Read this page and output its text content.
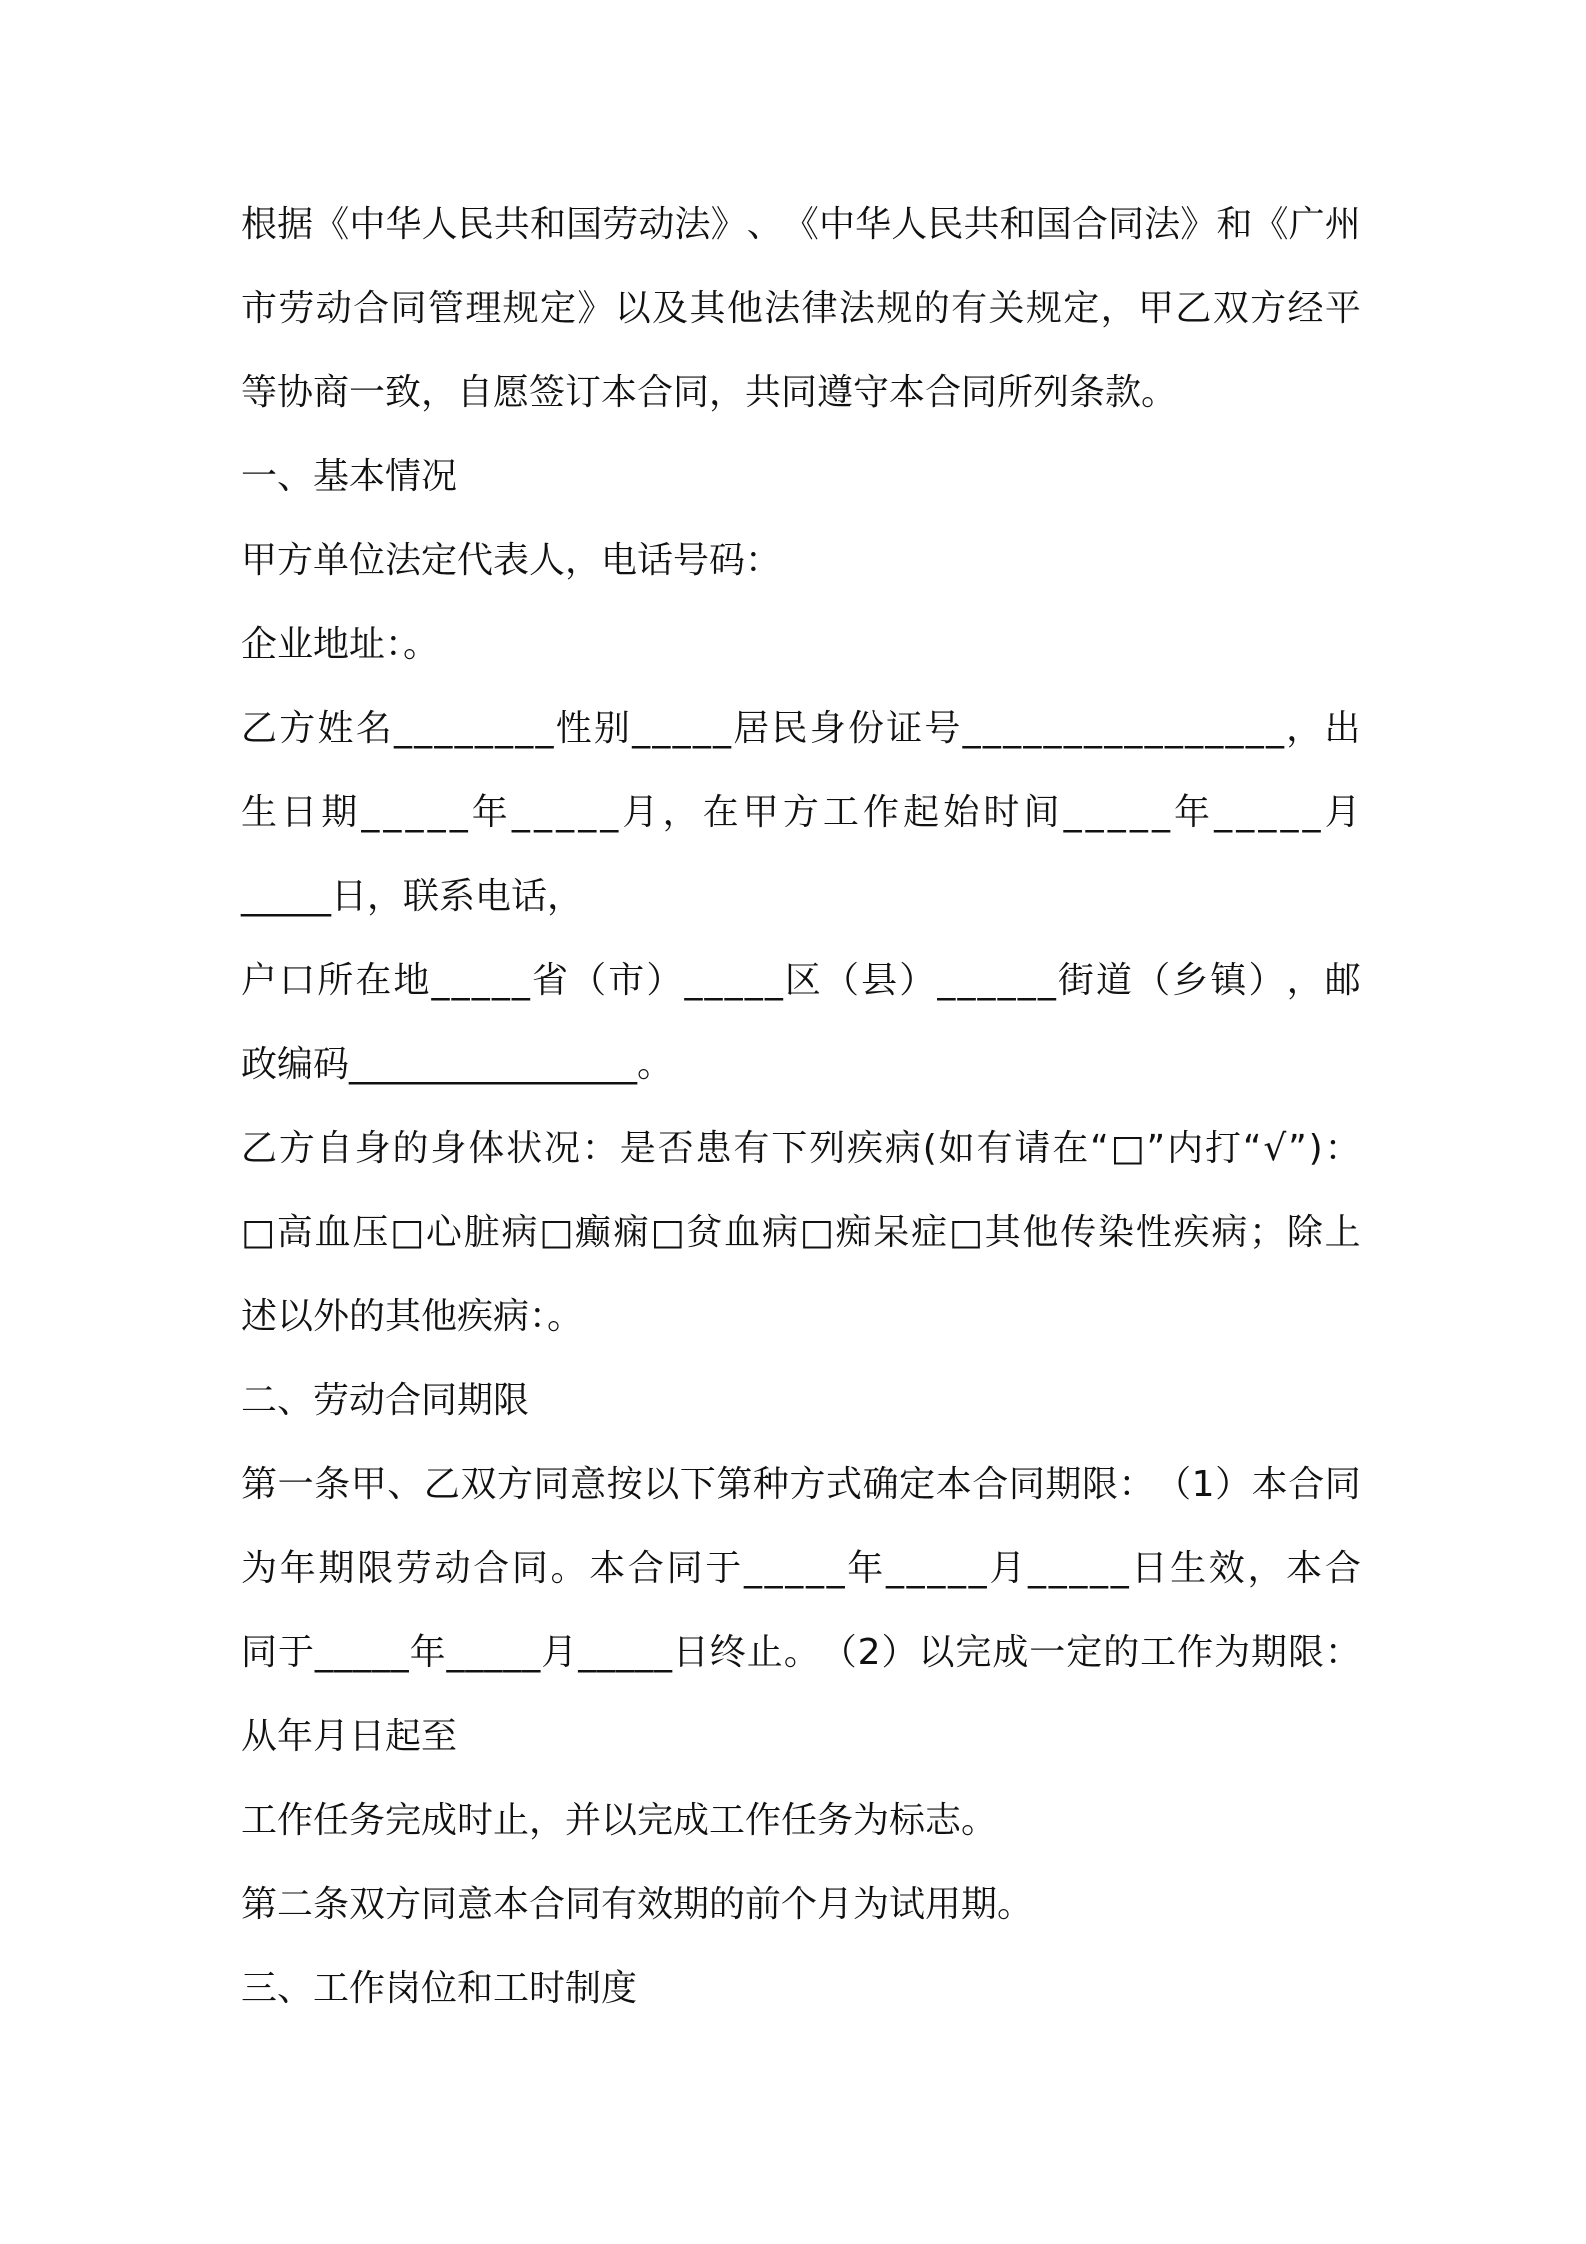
根 据 《 中 华 人 民 共 和 国 劳 动 法 》 、 《 中 华 人 民 共 和 国 合 同 法 》 和 《 广 州
市 劳 动 合 同 管 理 规 定 》 以 及 其 他 法 律 法 规 的 有 关 规 定 ， 甲 乙 双 方 经 平
等协商一致，自愿签订本合同，共同遵守本合同所列条款。
一、基本情况
甲方单位法定代表人，电话号码：
企业地址：。
乙 方 姓 名 _ _ _ _ _ _ _ _ 性 别 _ _ _ _ _ 居 民 身 份 证 号 _ _ _ _ _ _ _ _ _ _ _ _ _ _ _ _ ， 出
生 日 期 _ _ _ _ _ 年 _ _ _ _ _ 月 ， 在 甲 方 工 作 起 始 时 间 _ _ _ _ _ 年 _ _ _ _ _ 月
_____日，联系电话，
户 口 所 在 地 _ _ _ _ _ 省 （ 市 ） _ _ _ _ _ 区 （ 县 ） _ _ _ _ _ _ 街 道 （ 乡 镇 ） ， 邮
政编码________________。
乙 方 自 身 的 身 体 状 况 ： 是 否 患 有 下 列 疾 病 ( 如 有 请 在 “ □ ” 内 打 “ √ ” ) ：
□ 高 血 压 □ 心 脏 病 □ 癫 痫 □ 贫 血 病 □ 痴 呆 症 □ 其 他 传 染 性 疾 病 ； 除 上
述以外的其他疾病：。
二、劳动合同期限
第 一 条 甲 、 乙 双 方 同 意 按 以 下 第 种 方 式 确 定 本 合 同 期 限 ： （ 1 ） 本 合 同
为 年 期 限 劳 动 合 同 。 本 合 同 于 _ _ _ _ _ 年 _ _ _ _ _ 月 _ _ _ _ _ 日 生 效 ， 本 合
同 于 _ _ _ _ _ 年 _ _ _ _ _ 月 _ _ _ _ _ 日 终 止 。 （ 2 ） 以 完 成 一 定 的 工 作 为 期 限 ：
从年月日起至
工作任务完成时止，并以完成工作任务为标志。
第二条双方同意本合同有效期的前个月为试用期。
三、工作岗位和工时制度
